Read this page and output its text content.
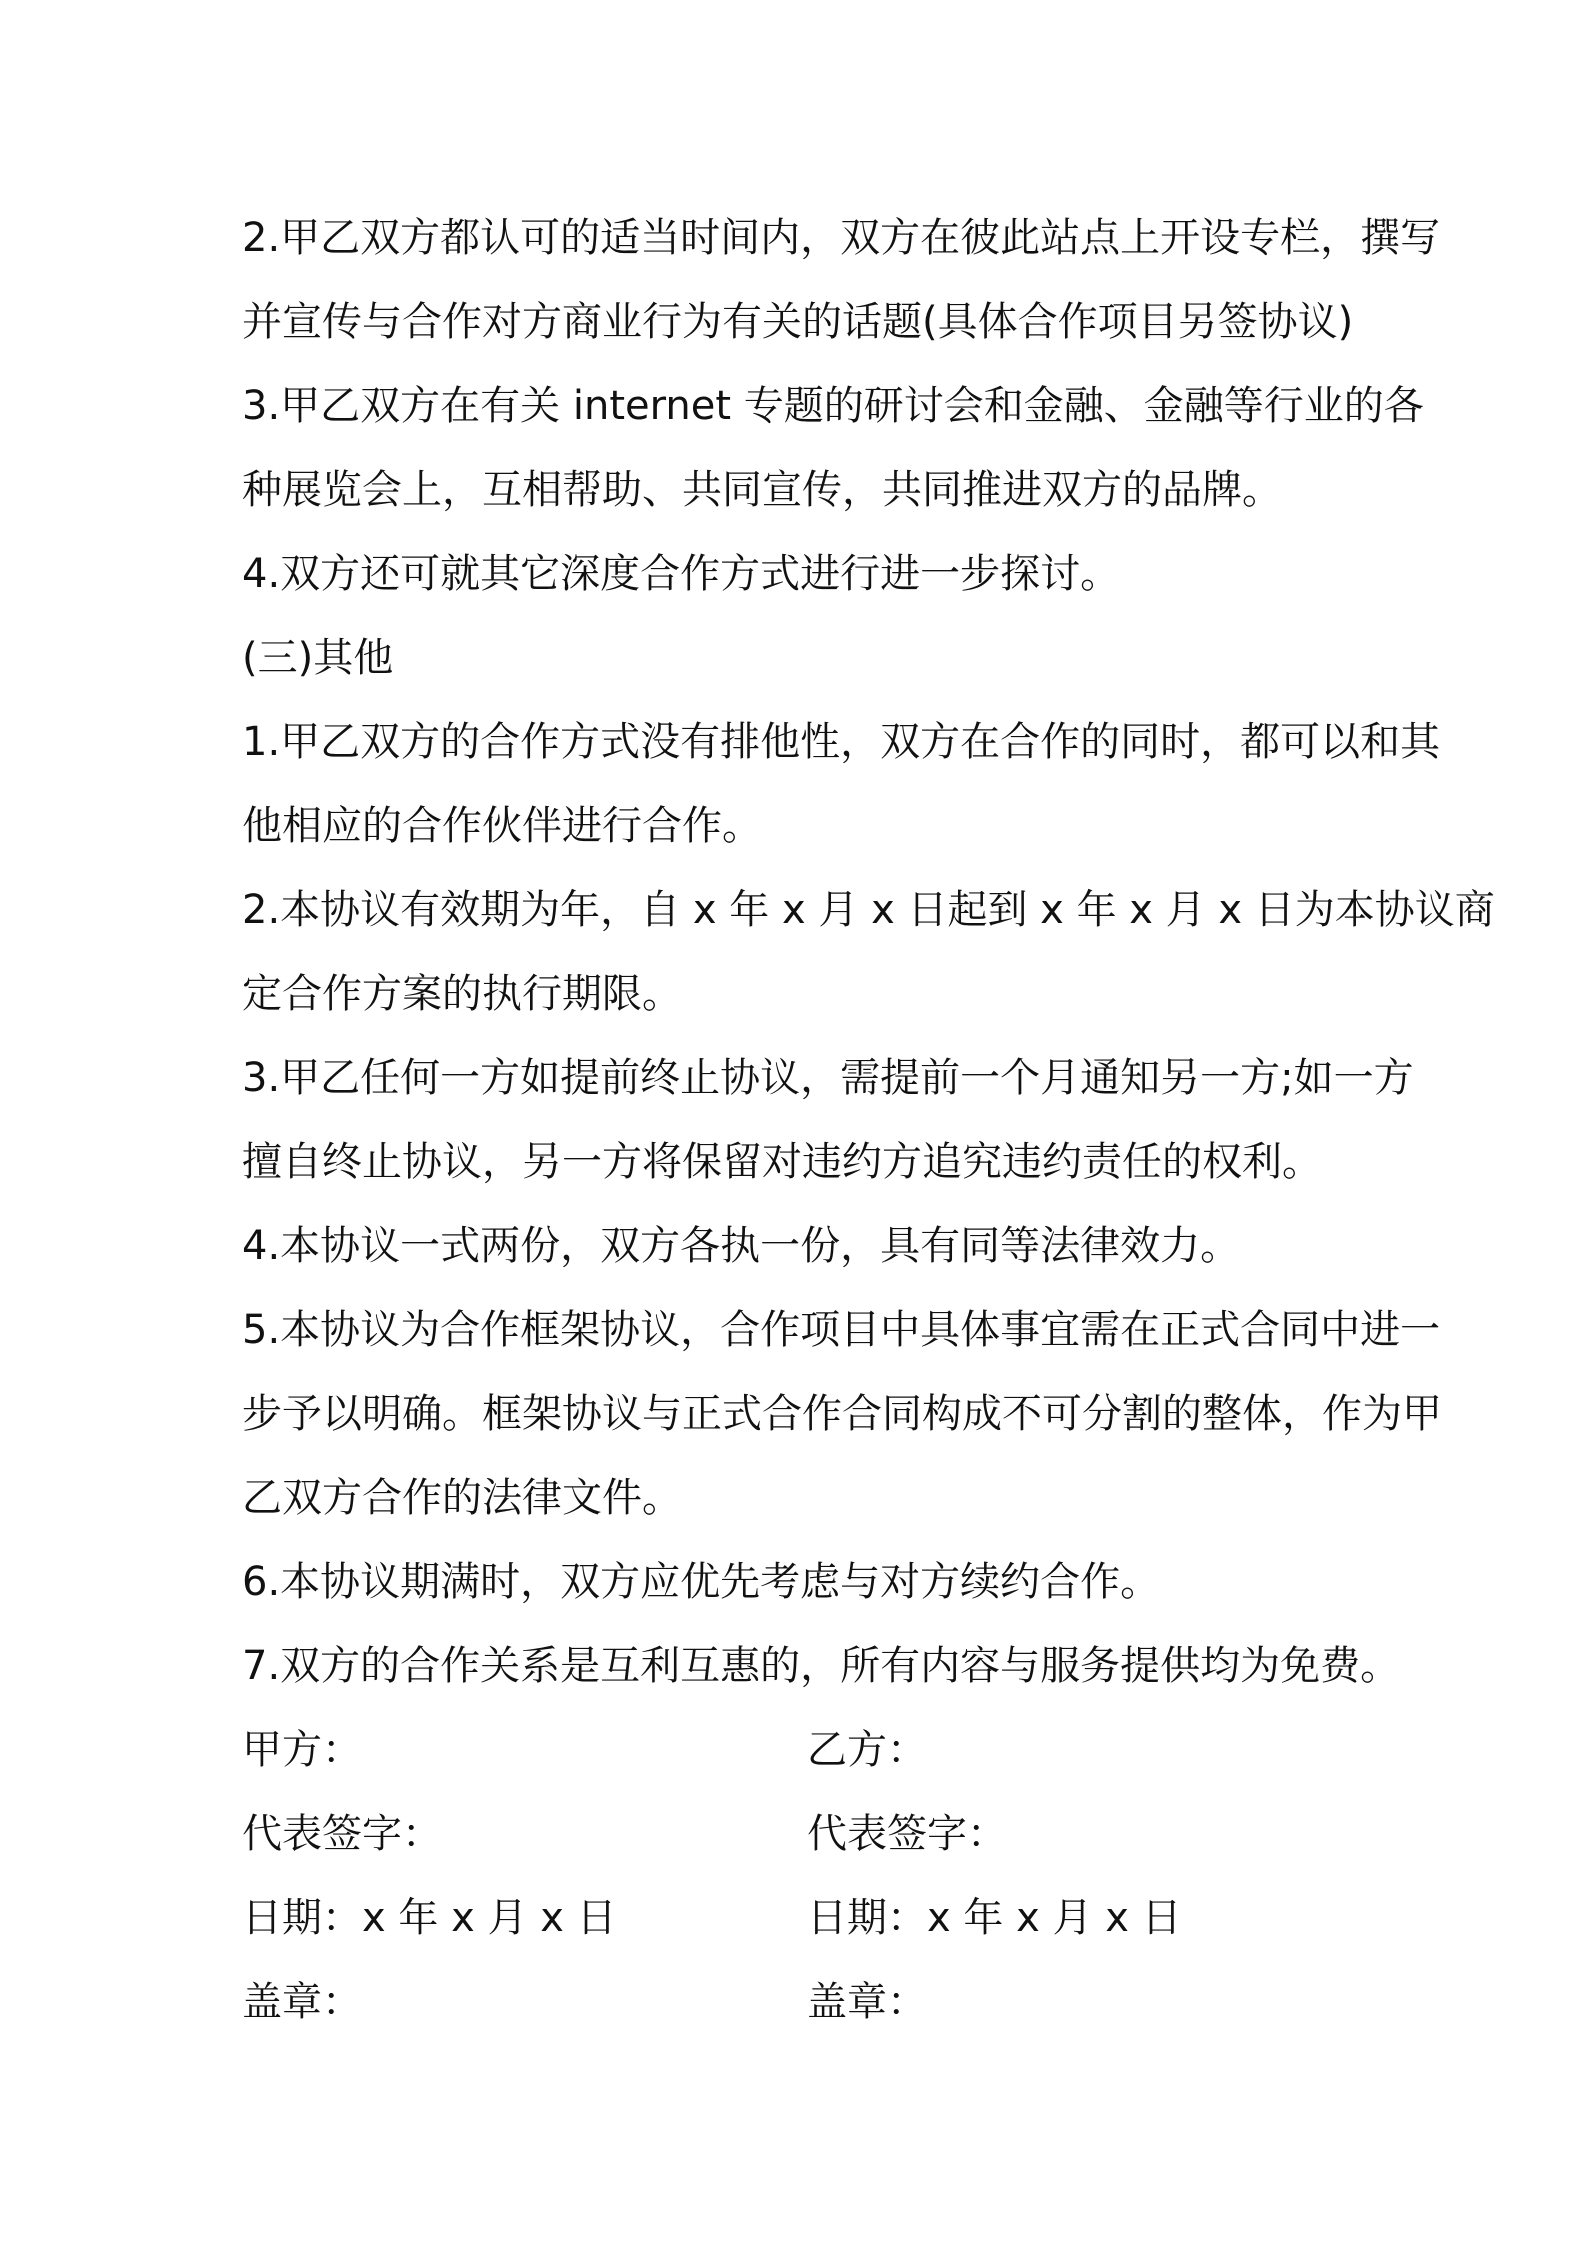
2.甲乙双方都认可的适当时间内，双方在彼此站点上开设专栏，撰写
并宣传与合作对方商业行为有关的话题(具体合作项目另签协议)
3.甲乙双方在有关 internet 专题的研讨会和金融、金融等行业的各
种展览会上，互相帮助、共同宣传，共同推进双方的品牌。
4.双方还可就其它深度合作方式进行进一步探讨。
(三)其他
1.甲乙双方的合作方式没有排他性，双方在合作的同时，都可以和其
他相应的合作伙伴进行合作。
2.本协议有效期为年，自 x 年 x 月 x 日起到 x 年 x 月 x 日为本协议商
定合作方案的执行期限。
3.甲乙任何一方如提前终止协议，需提前一个月通知另一方;如一方
擅自终止协议，另一方将保留对违约方追究违约责任的权利。
4.本协议一式两份，双方各执一份，具有同等法律效力。
5.本协议为合作框架协议，合作项目中具体事宜需在正式合同中进一
步予以明确。框架协议与正式合作合同构成不可分割的整体，作为甲
乙双方合作的法律文件。
6.本协议期满时，双方应优先考虑与对方续约合作。
7.双方的合作关系是互利互惠的，所有内容与服务提供均为免费。
甲方：	乙方：
代表签字：	代表签字：
日期：x 年 x 月 x 日	日期：x 年 x 月 x 日
盖章：	盖章：
